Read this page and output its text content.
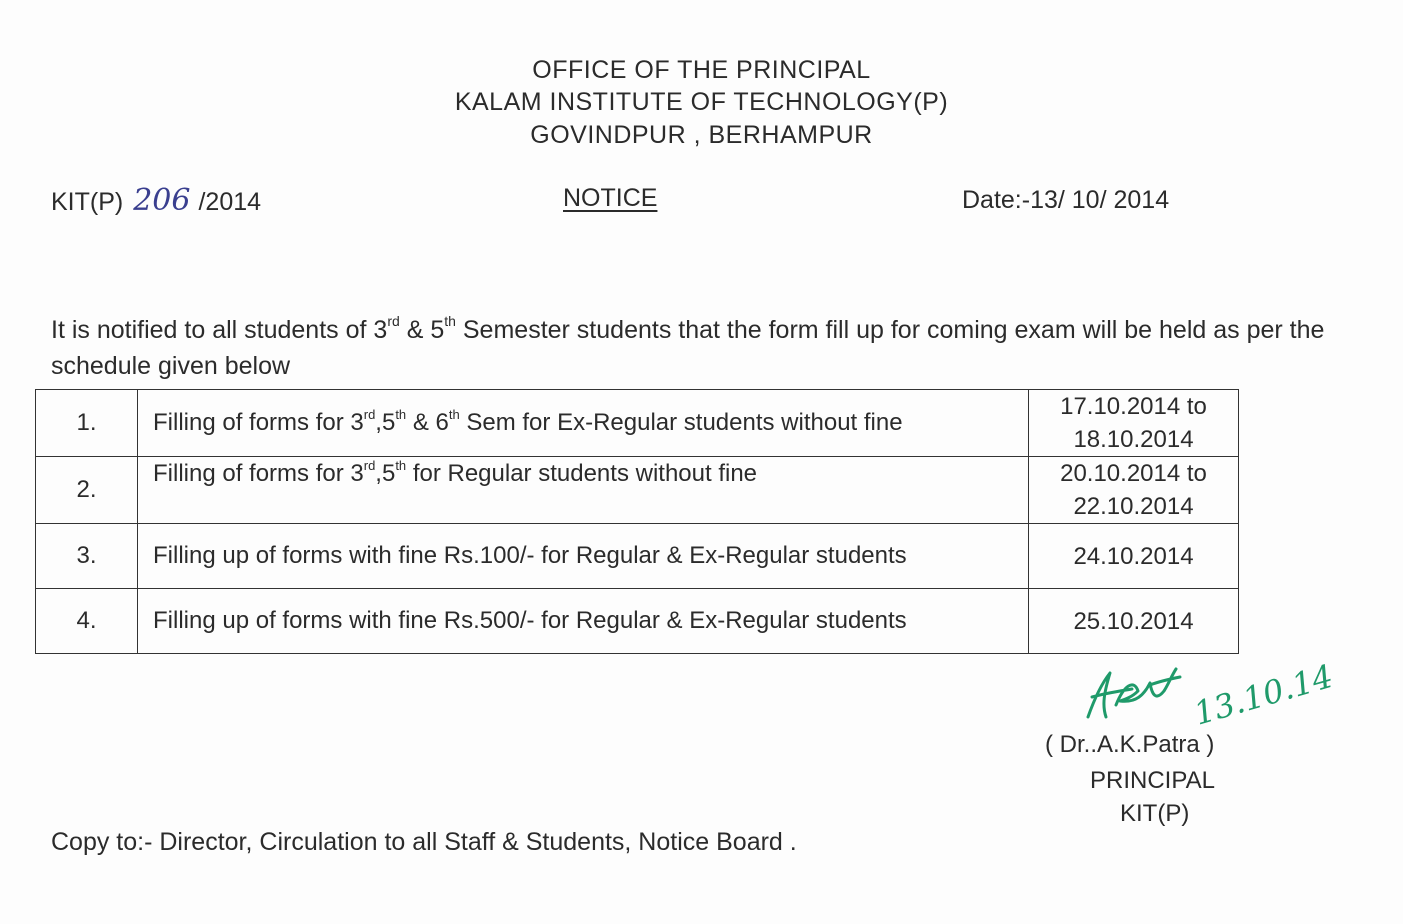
OFFICE OF THE PRINCIPAL
KALAM INSTITUTE OF TECHNOLOGY(P)
GOVINDPUR , BERHAMPUR
KIT(P) 206 /2014	NOTICE	Date:-13/ 10/ 2014
It is notified to all students of 3rd & 5th Semester students that the form fill up for coming exam will be held as per the schedule given below
1.	Filling of forms for 3rd,5th & 6th Sem for Ex-Regular students without fine	17.10.2014 to
18.10.2014
2.	Filling of forms for 3rd,5th for Regular students without fine	20.10.2014 to
22.10.2014
3.	Filling up of forms with fine Rs.100/- for Regular & Ex-Regular students	24.10.2014
4.	Filling up of forms with fine Rs.500/- for Regular & Ex-Regular students	25.10.2014
13.10.14
( Dr..A.K.Patra )
PRINCIPAL
KIT(P)
Copy to:- Director, Circulation to all Staff & Students, Notice Board .
